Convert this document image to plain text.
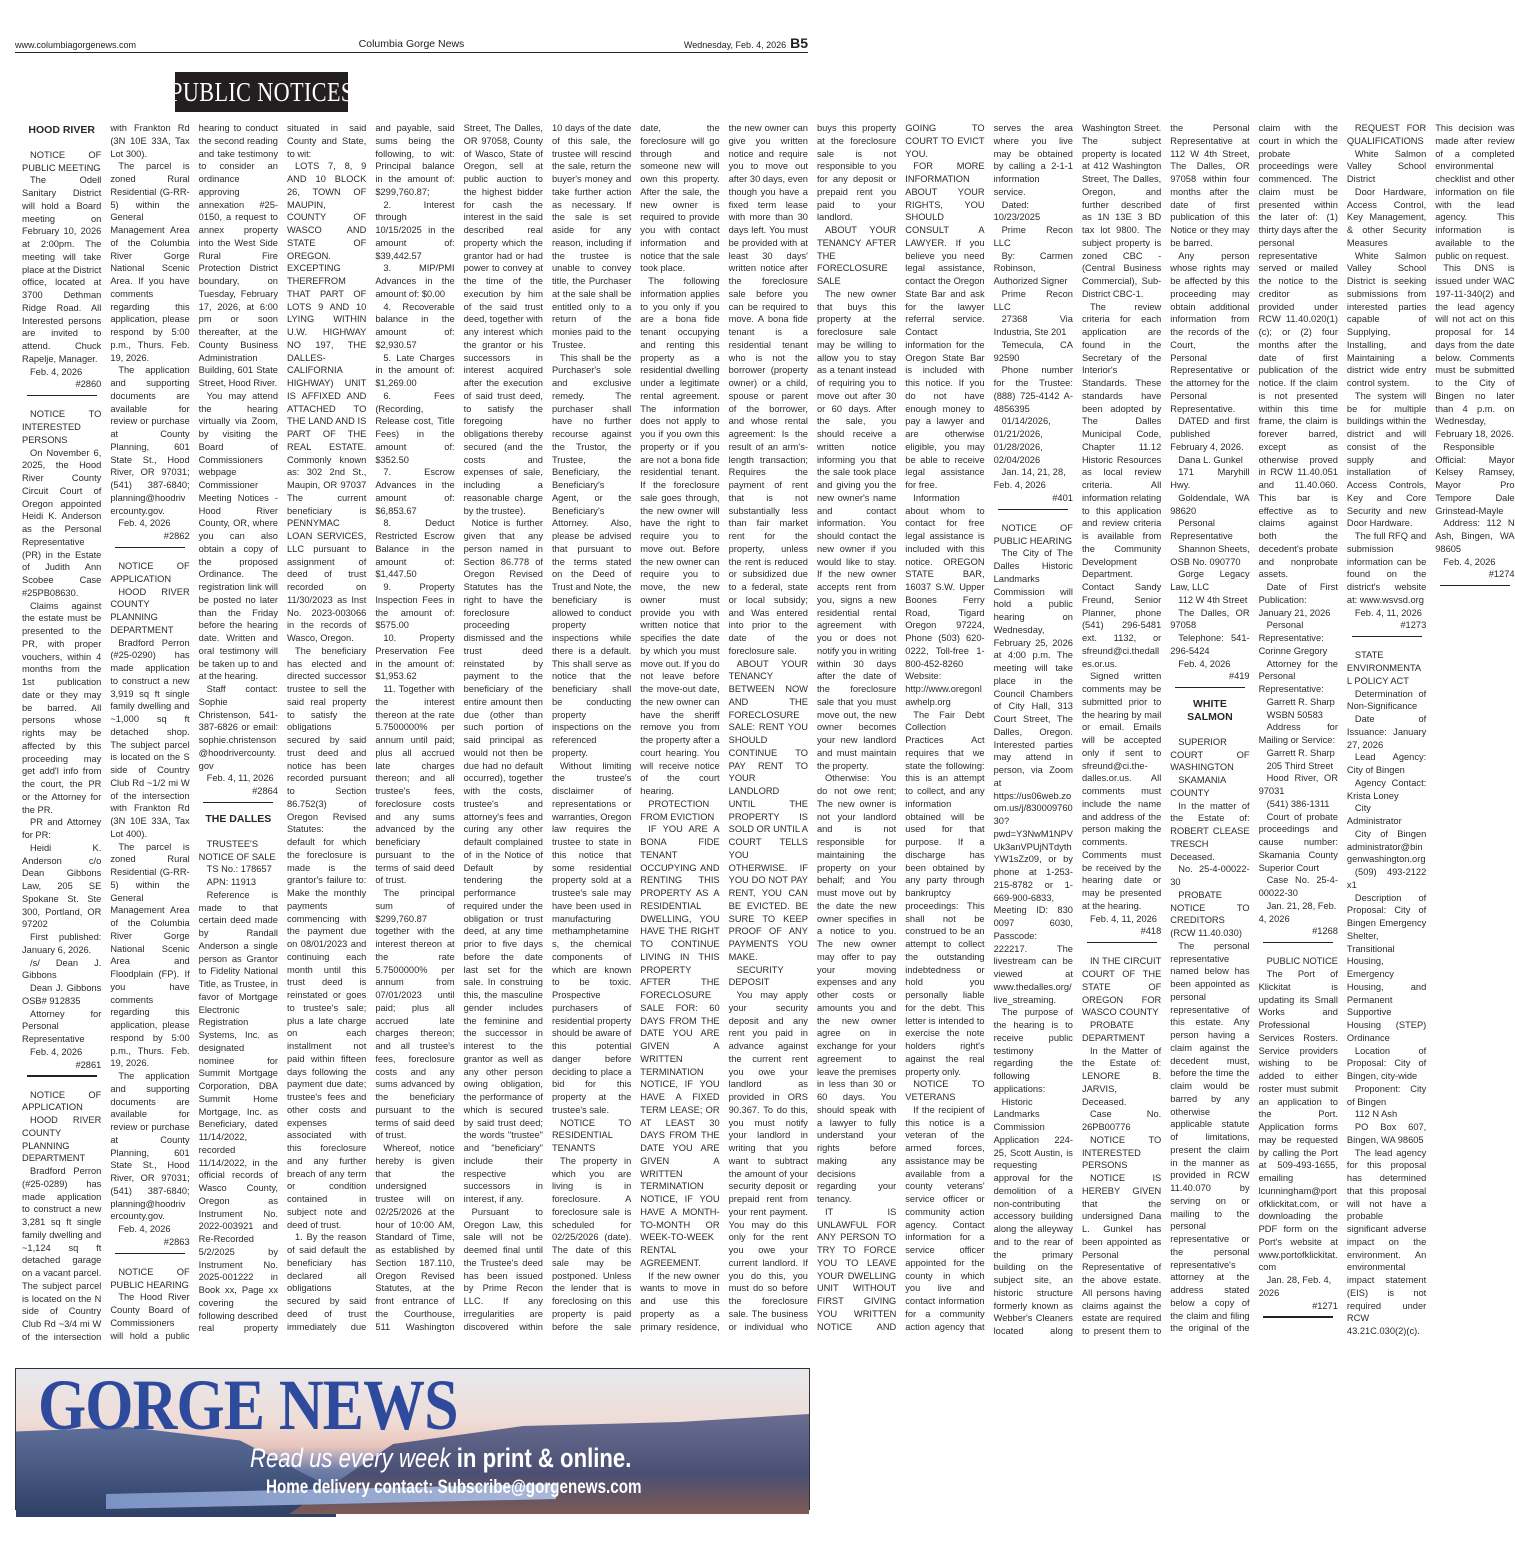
www.columbiagorgenews.com	Columbia Gorge News	Wednesday, Feb. 4, 2026 B5
PUBLIC NOTICES
HOOD RIVER
NOTICE OF PUBLIC MEETING
The Odell Sanitary District will hold a Board meeting on February 10, 2026 at 2:00pm. The meeting will take place at the District office, located at 3700 Dethman Ridge Road. All Interested persons are invited to attend. Chuck Rapelje, Manager.
Feb. 4, 2026
#2860
NOTICE TO INTERESTED PERSONS
On November 6, 2025, the Hood River County Circuit Court of Oregon appointed Heidi K. Anderson as the Personal Representative (PR) in the Estate of Judith Ann Scobee Case #25PB08630.
Claims against the estate must be presented to the PR, with proper vouchers, within 4 months from the 1st publication date or they may be barred. All persons whose rights may be affected by this proceeding may get add'l info from the court, the PR or the Attorney for the PR.
PR and Attorney for PR:
Heidi K. Anderson c/o Dean Gibbons Law, 205 SE Spokane St. Ste 300, Portland, OR 97202
First published: January 6, 2026.
/s/ Dean J. Gibbons
Dean J. Gibbons OSB# 912835
Attorney for Personal Representative
Feb. 4, 2026
#2861
NOTICE OF APPLICATION
HOOD RIVER COUNTY PLANNING DEPARTMENT
Bradford Perron (#25-0289) has made application to construct a new 3,281 sq ft single family dwelling and ~1,124 sq ft detached garage on a vacant parcel. The subject parcel is located on the N side of Country Club Rd ~3/4 mi W of the intersection with Frankton Rd (3N 10E 33A, Tax Lot 300).
The parcel is zoned Rural Residential (G-RR-5) within the General Management Area of the Columbia River Gorge National Scenic Area. If you have comments regarding this application, please respond by 5:00 p.m., Thurs. Feb. 19, 2026.
The application and supporting documents are available for review or purchase at County Planning, 601 State St., Hood River, OR 97031; (541) 387-6840; planning@hoodrivercounty.gov.
Feb. 4, 2026
#2862
NOTICE OF APPLICATION
HOOD RIVER COUNTY PLANNING DEPARTMENT
Bradford Perron (#25-0290) has made application to construct a new 3,919 sq ft single family dwelling and ~1,000 sq ft detached shop. The subject parcel is located on the S side of Country Club Rd ~1/2 mi W of the intersection with Frankton Rd (3N 10E 33A, Tax Lot 400).
The parcel is zoned Rural Residential (G-RR-5) within the General Management Area of the Columbia River Gorge National Scenic Area and Floodplain (FP). If you have comments regarding this application, please respond by 5:00 p.m., Thurs. Feb. 19, 2026.
The application and supporting documents are available for review or purchase at County Planning, 601 State St., Hood River, OR 97031; (541) 387-6840; planning@hoodrivercounty.gov.
Feb. 4, 2026
#2863
NOTICE OF PUBLIC HEARING
The Hood River County Board of Commissioners will hold a public hearing to conduct the second reading and take testimony to consider an ordinance approving annexation #25-0150, a request to annex property into the West Side Rural Fire Protection District boundary, on Tuesday, February 17, 2026, at 6:00 pm or soon thereafter, at the County Business Administration Building, 601 State Street, Hood River.
You may attend the hearing virtually via Zoom, by visiting the Board of Commissioners webpage Commissioner Meeting Notices - Hood River County, OR, where you can also obtain a copy of the proposed Ordinance. The registration link will be posted no later than the Friday before the hearing date. Written and oral testimony will be taken up to and at the hearing.
Staff contact: Sophie Christenson, 541-387-6826 or email: sophie.christenson@hoodrivercounty.gov
Feb. 4, 11, 2026
#2864
THE DALLES
TRUSTEE'S NOTICE OF SALE
TS No.: 178657
APN: 11913
Reference is made to that certain deed made by Randall Anderson a single person as Grantor to Fidelity National Title, as Trustee, in favor of Mortgage Electronic Registration Systems, Inc. as designated nominee for Summit Mortgage Corporation, DBA Summit Home Mortgage, Inc. as Beneficiary, dated 11/14/2022, recorded 11/14/2022, in the official records of Wasco County, Oregon as Instrument No. 2022-003921 and Re-Recorded 5/2/2025 by Instrument No. 2025-001222 in Book xx, Page xx covering the following described real property situated in said County and State, to wit:
LOTS 7, 8, 9 AND 10 BLOCK 26, TOWN OF MAUPIN, COUNTY OF WASCO AND STATE OF OREGON. EXCEPTING THEREFROM THAT PART OF LOTS 9 AND 10 LYING WITHIN U.W. HIGHWAY NO 197, THE DALLES-CALIFORNIA HIGHWAY) UNIT IS AFFIXED AND ATTACHED TO THE LAND AND IS PART OF THE REAL ESTATE. Commonly known as: 302 2nd St., Maupin, OR 97037 The current beneficiary is PENNYMAC LOAN SERVICES, LLC pursuant to assignment of deed of trust recorded on 11/30/2023 as Inst No. 2023-003066 in the records of Wasco, Oregon.
The beneficiary has elected and directed successor trustee to sell the said real property to satisfy the obligations secured by said trust deed and notice has been recorded pursuant to Section 86.752(3) of Oregon Revised Statutes: the default for which the foreclosure is made is the grantor's failure to: Make the monthly payments commencing with the payment due on 08/01/2023 and continuing each month until this trust deed is reinstated or goes to trustee's sale; plus a late charge on each installment not paid within fifteen days following the payment due date; trustee's fees and other costs and expenses associated with this foreclosure and any further breach of any term or condition contained in subject note and deed of trust.
1. By the reason of said default the beneficiary has declared all obligations secured by said deed of trust immediately due and payable, said sums being the following, to wit: Principal balance in the amount of: $299,760.87;
2. Interest through 10/15/2025 in the amount of: $39,442.57
3. MIP/PMI Advances in the amount of: $0.00
4. Recoverable balance in the amount of: $2,930.57
5. Late Charges in the amount of: $1,269.00
6. Fees (Recording, Release cost, Title Fees) in the amount of: $352.50
7. Escrow Advances in the amount of: $6,853.67
8. Deduct Restricted Escrow Balance in the amount of: $1,447.50
9. Property Inspection Fees in the amount of: $575.00
10. Property Preservation Fee in the amount of: $1,953.62
11. Together with the interest thereon at the rate 5.7500000% per annum until paid; plus all accrued late charges thereon; and all trustee's fees, foreclosure costs and any sums advanced by the beneficiary pursuant to the terms of said deed of trust.
The principal sum of $299,760.87 together with the interest thereon at the rate 5.7500000% per annum from 07/01/2023 until paid; plus all accrued late charges thereon; and all trustee's fees, foreclosure costs and any sums advanced by the beneficiary pursuant to the terms of said deed of trust.
Whereof, notice hereby is given that the undersigned trustee will on 02/25/2026 at the hour of 10:00 AM, Standard of Time, as established by Section 187.110, Oregon Revised Statutes, at the front entrance of the Courthouse, 511 Washington Street, The Dalles, OR 97058, County of Wasco, State of Oregon, sell at public auction to the highest bidder for cash the interest in the said described real property which the grantor had or had power to convey at the time of the execution by him of the said trust deed, together with any interest which the grantor or his successors in interest acquired after the execution of said trust deed, to satisfy the foregoing obligations thereby secured (and the costs and expenses of sale, including a reasonable charge by the trustee).
Notice is further given that any person named in Section 86.778 of Oregon Revised Statutes has the right to have the foreclosure proceeding dismissed and the trust deed reinstated by payment to the beneficiary of the entire amount then due (other than such portion of said principal as would not then be due had no default occurred), together with the costs, trustee's and attorney's fees and curing any other default complained of in the Notice of Default by tendering the performance required under the obligation or trust deed, at any time prior to five days before the date last set for the sale. In construing this, the masculine gender includes the feminine and the successor in interest to the grantor as well as any other person owing obligation, the performance of which is secured by said trust deed; the words "trustee" and "beneficiary" include their respective successors in interest, if any.
Pursuant to Oregon Law, this sale will not be deemed final until the Trustee's deed has been issued by Prime Recon LLC. If any irregularities are discovered within 10 days of the date of this sale, the trustee will rescind the sale, return the buyer's money and take further action as necessary. If the sale is set aside for any reason, including if the trustee is unable to convey title, the Purchaser at the sale shall be entitled only to a return of the monies paid to the Trustee.
This shall be the Purchaser's sole and exclusive remedy. The purchaser shall have no further recourse against the Trustor, the Trustee, the Beneficiary, the Beneficiary's Agent, or the Beneficiary's Attorney. Also, please be advised that pursuant to the terms stated on the Deed of Trust and Note, the beneficiary is allowed to conduct property inspections while there is a default. This shall serve as notice that the beneficiary shall be conducting property inspections on the referenced property.
Without limiting the trustee's disclaimer of representations or warranties, Oregon law requires the trustee to state in this notice that some residential property sold at a trustee's sale may have been used in manufacturing methamphetamines, the chemical components of which are known to be toxic. Prospective purchasers of residential property should be aware of this potential danger before deciding to place a bid for this property at the trustee's sale.
NOTICE TO RESIDENTIAL TENANTS
The property in which you are living is in foreclosure. A foreclosure sale is scheduled for 02/25/2026 (date). The date of this sale may be postponed. Unless the lender that is foreclosing on this property is paid before the sale date, the foreclosure will go through and someone new will own this property. After the sale, the new owner is required to provide you with contact information and notice that the sale took place.
The following information applies to you only if you are a bona fide tenant occupying and renting this property as a residential dwelling under a legitimate rental agreement. The information does not apply to you if you own this property or if you are not a bona fide residential tenant. If the foreclosure sale goes through, the new owner will have the right to require you to move out. Before the new owner can require you to move, the new owner must provide you with written notice that specifies the date by which you must move out. If you do not leave before the move-out date, the new owner can have the sheriff remove you from the property after a court hearing. You will receive notice of the court hearing.
PROTECTION FROM EVICTION
IF YOU ARE A BONA FIDE TENANT OCCUPYING AND RENTING THIS PROPERTY AS A RESIDENTIAL DWELLING, YOU HAVE THE RIGHT TO CONTINUE LIVING IN THIS PROPERTY AFTER THE FORECLOSURE SALE FOR: 60 DAYS FROM THE DATE YOU ARE GIVEN A WRITTEN TERMINATION NOTICE, IF YOU HAVE A FIXED TERM LEASE; OR AT LEAST 30 DAYS FROM THE DATE YOU ARE GIVEN A WRITTEN TERMINATION NOTICE, IF YOU HAVE A MONTH-TO-MONTH OR WEEK-TO-WEEK RENTAL AGREEMENT.
If the new owner wants to move in and use this property as a primary residence, the new owner can give you written notice and require you to move out after 30 days, even though you have a fixed term lease with more than 30 days left. You must be provided with at least 30 days' written notice after the foreclosure sale before you can be required to move. A bona fide tenant is a residential tenant who is not the borrower (property owner) or a child, spouse or parent of the borrower, and whose rental agreement: Is the result of an arm's-length transaction; Requires the payment of rent that is not substantially less than fair market rent for the property, unless the rent is reduced or subsidized due to a federal, state or local subsidy; and Was entered into prior to the date of the foreclosure sale.
ABOUT YOUR TENANCY BETWEEN NOW AND THE FORECLOSURE SALE: RENT YOU SHOULD CONTINUE TO PAY RENT TO YOUR LANDLORD UNTIL THE PROPERTY IS SOLD OR UNTIL A COURT TELLS YOU OTHERWISE. IF YOU DO NOT PAY RENT, YOU CAN BE EVICTED. BE SURE TO KEEP PROOF OF ANY PAYMENTS YOU MAKE.
SECURITY DEPOSIT
You may apply your security deposit and any rent you paid in advance against the current rent you owe your landlord as provided in ORS 90.367. To do this, you must notify your landlord in writing that you want to subtract the amount of your security deposit or prepaid rent from your rent payment. You may do this only for the rent you owe your current landlord. If you do this, you must do so before the foreclosure sale. The business or individual who buys this property at the foreclosure sale is not responsible to you for any deposit or prepaid rent you paid to your landlord.
ABOUT YOUR TENANCY AFTER THE FORECLOSURE SALE
The new owner that buys this property at the foreclosure sale may be willing to allow you to stay as a tenant instead of requiring you to move out after 30 or 60 days. After the sale, you should receive a written notice informing you that the sale took place and giving you the new owner's name and contact information. You should contact the new owner if you would like to stay. If the new owner accepts rent from you, signs a new residential rental agreement with you or does not notify you in writing within 30 days after the date of the foreclosure sale that you must move out, the new owner becomes your new landlord and must maintain the property.
Otherwise: You do not owe rent; The new owner is not your landlord and is not responsible for maintaining the property on your behalf; and You must move out by the date the new owner specifies in a notice to you. The new owner may offer to pay your moving expenses and any other costs or amounts you and the new owner agree on in exchange for your agreement to leave the premises in less than 30 or 60 days. You should speak with a lawyer to fully understand your rights before making any decisions regarding your tenancy.
IT IS UNLAWFUL FOR ANY PERSON TO TRY TO FORCE YOU TO LEAVE YOUR DWELLING UNIT WITHOUT FIRST GIVING YOU WRITTEN NOTICE AND GOING TO COURT TO EVICT YOU.
FOR MORE INFORMATION ABOUT YOUR RIGHTS, YOU SHOULD CONSULT A LAWYER. If you believe you need legal assistance, contact the Oregon State Bar and ask for the lawyer referral service. Contact information for the Oregon State Bar is included with this notice. If you do not have enough money to pay a lawyer and are otherwise eligible, you may be able to receive legal assistance for free.
Information about whom to contact for free legal assistance is included with this notice. OREGON STATE BAR, 16037 S.W. Upper Boones Ferry Road, Tigard Oregon 97224, Phone (503) 620-0222, Toll-free 1-800-452-8260 Website: http://www.oregonlawhelp.org
The Fair Debt Collection Practices Act requires that we state the following: this is an attempt to collect, and any information obtained will be used for that purpose. If a discharge has been obtained by any party through bankruptcy proceedings: This shall not be construed to be an attempt to collect the outstanding indebtedness or hold you personally liable for the debt. This letter is intended to exercise the note holders right's against the real property only.
NOTICE TO VETERANS
If the recipient of this notice is a veteran of the armed forces, assistance may be available from a county veterans' service officer or community action agency. Contact information for a service officer appointed for the county in which you live and contact information for a community action agency that serves the area where you live may be obtained by calling a 2-1-1 information service.
Dated: 10/23/2025
Prime Recon LLC
By: Carmen Robinson, Authorized Signer
Prime Recon LLC
27368 Via Industria, Ste 201
Temecula, CA 92590
Phone number for the Trustee: (888) 725-4142 A-4856395
01/14/2026, 01/21/2026, 01/28/2026, 02/04/2026
Jan. 14, 21, 28, Feb. 4, 2026
#401
NOTICE OF PUBLIC HEARING
The City of The Dalles Historic Landmarks Commission will hold a public hearing on Wednesday, February 25, 2026 at 4:00 p.m. The meeting will take place in the Council Chambers of City Hall, 313 Court Street, The Dalles, Oregon. Interested parties may attend in person, via Zoom at https://us06web.zoom.us/j/83000976030?pwd=Y3NwM1NPVUk3anVPUjNTdythYW1sZz09, or by phone at 1-253-215-8782 or 1-669-900-6833, Meeting ID: 830 0097 6030, Passcode: 222217. The livestream can be viewed at www.thedalles.org/live_streaming.
The purpose of the hearing is to receive public testimony regarding the following applications:
Historic Landmarks Commission Application 224-25, Scott Austin, is requesting approval for the demolition of a non-contributing accessory building along the alleyway and to the rear of the primary building on the subject site, an historic structure formerly known as Webber's Cleaners located along Washington Street. The subject property is located at 412 Washington Street, The Dalles, Oregon, and further described as 1N 13E 3 BD tax lot 9800. The subject property is zoned CBC - (Central Business Commercial), Sub-District CBC-1.
The review criteria for each application are found in the Secretary of the Interior's Standards. These standards have been adopted by The Dalles Municipal Code, Chapter 11.12 Historic Resources as local review criteria. All information relating to this application and review criteria is available from the Community Development Department. Contact Sandy Freund, Senior Planner, phone (541) 296-5481 ext. 1132, or sfreund@ci.thedalles.or.us.
Signed written comments may be submitted prior to the hearing by mail or email. Emails will be accepted only if sent to sfreund@ci.the-dalles.or.us. All comments must include the name and address of the person making the comments. Comments must be received by the hearing date or may be presented at the hearing.
Feb. 4, 11, 2026
#418
IN THE CIRCUIT COURT OF THE STATE OF OREGON FOR WASCO COUNTY
PROBATE DEPARTMENT
In the Matter of the Estate of: LENORE B. JARVIS, Deceased.
Case No. 26PB00776
NOTICE TO INTERESTED PERSONS
NOTICE IS HEREBY GIVEN that the undersigned Dana L. Gunkel has been appointed as Personal Representative of the above estate. All persons having claims against the estate are required to present them to the Personal Representative at 112 W 4th Street, The Dalles, OR 97058 within four months after the date of first publication of this Notice or they may be barred.
Any person whose rights may be affected by this proceeding may obtain additional information from the records of the Court, the Personal Representative or the attorney for the Personal Representative.
DATED and first published February 4, 2026.
Dana L. Gunkel
171 Maryhill Hwy.
Goldendale, WA 98620
Personal Representative
Shannon Sheets, OSB No. 090770
Gorge Legacy Law, LLC
112 W 4th Street
The Dalles, OR 97058
Telephone: 541-296-5424
Feb. 4, 2026
#419
WHITE SALMON
SUPERIOR COURT OF WASHINGTON
SKAMANIA COUNTY
In the matter of the Estate of: ROBERT CLEASE TRESCH Deceased.
No. 25-4-00022-30
PROBATE NOTICE TO CREDITORS (RCW 11.40.030)
The personal representative named below has been appointed as personal representative of this estate. Any person having a claim against the decedent must, before the time the claim would be barred by any otherwise applicable statute of limitations, present the claim in the manner as provided in RCW 11.40.070 by serving on or mailing to the personal representative or the personal representative's attorney at the address stated below a copy of the claim and filing the original of the claim with the court in which the probate proceedings were commenced. The claim must be presented within the later of: (1) thirty days after the personal representative served or mailed the notice to the creditor as provided under RCW 11.40.020(1)(c); or (2) four months after the date of first publication of the notice. If the claim is not presented within this time frame, the claim is forever barred, except as otherwise proved in RCW 11.40.051 and 11.40.060. This bar is effective as to claims against both the decedent's probate and nonprobate assets.
Date of First Publication: January 21, 2026
Personal Representative: Corinne Gregory
Attorney for the Personal Representative:
Garrett R. Sharp
WSBN 50583
Address for Mailing or Service:
Garrett R. Sharp
205 Third Street
Hood River, OR 97031
(541) 386-1311
Court of probate proceedings and cause number: Skamania County Superior Court
Case No. 25-4-00022-30
Jan. 21, 28, Feb. 4, 2026
#1268
PUBLIC NOTICE
The Port of Klickitat is updating its Small Works and Professional Services Rosters. Service providers wishing to be added to either roster must submit an application to the Port. Application forms may be requested by calling the Port at 509-493-1655, emailing lcunningham@portofklickitat.com, or downloading the PDF form on the Port's website at www.portofklickitat.com
Jan. 28, Feb. 4, 2026
#1271
REQUEST FOR QUALIFICATIONS
White Salmon Valley School District
Door Hardware, Access Control, Key Management, & other Security Measures
White Salmon Valley School District is seeking submissions from interested parties capable of Supplying, Installing, and Maintaining a district wide entry control system.
The system will be for multiple buildings within the district and will consist of the supply and installation of Access Controls, Key and Core Security and new Door Hardware.
The full RFQ and submission information can be found on the district's website at: www.wsvsd.org
Feb. 4, 11, 2026
#1273
STATE ENVIRONMENTAL POLICY ACT
Determination of Non-Significance
Date of Issuance: January 27, 2026
Lead Agency: City of Bingen
Agency Contact: Krista Loney
City Administrator
City of Bingen administrator@bingenwashington.org
(509) 493-2122 x1
Description of Proposal: City of Bingen Emergency Shelter, Transitional Housing, Emergency Housing, and Permanent Supportive Housing (STEP) Ordinance
Location of Proposal: City of Bingen, city-wide
Proponent: City of Bingen
112 N Ash
PO Box 607, Bingen, WA 98605
The lead agency for this proposal has determined that this proposal will not have a probable significant adverse impact on the environment. An environmental impact statement (EIS) is not required under RCW 43.21C.030(2)(c). This decision was made after review of a completed environmental checklist and other information on file with the lead agency. This information is available to the public on request.
This DNS is issued under WAC 197-11-340(2) and the lead agency will not act on this proposal for 14 days from the date below. Comments must be submitted to the City of Bingen no later than 4 p.m. on Wednesday, February 18, 2026.
Responsible Official: Mayor Kelsey Ramsey, Mayor Pro Tempore Dale Grinstead-Mayle
Address: 112 N Ash, Bingen, WA 98605
Feb. 4, 2026
#1274
GORGE NEWS
Read us every week in print & online.
Home delivery contact: Subscribe@gorgenews.com
